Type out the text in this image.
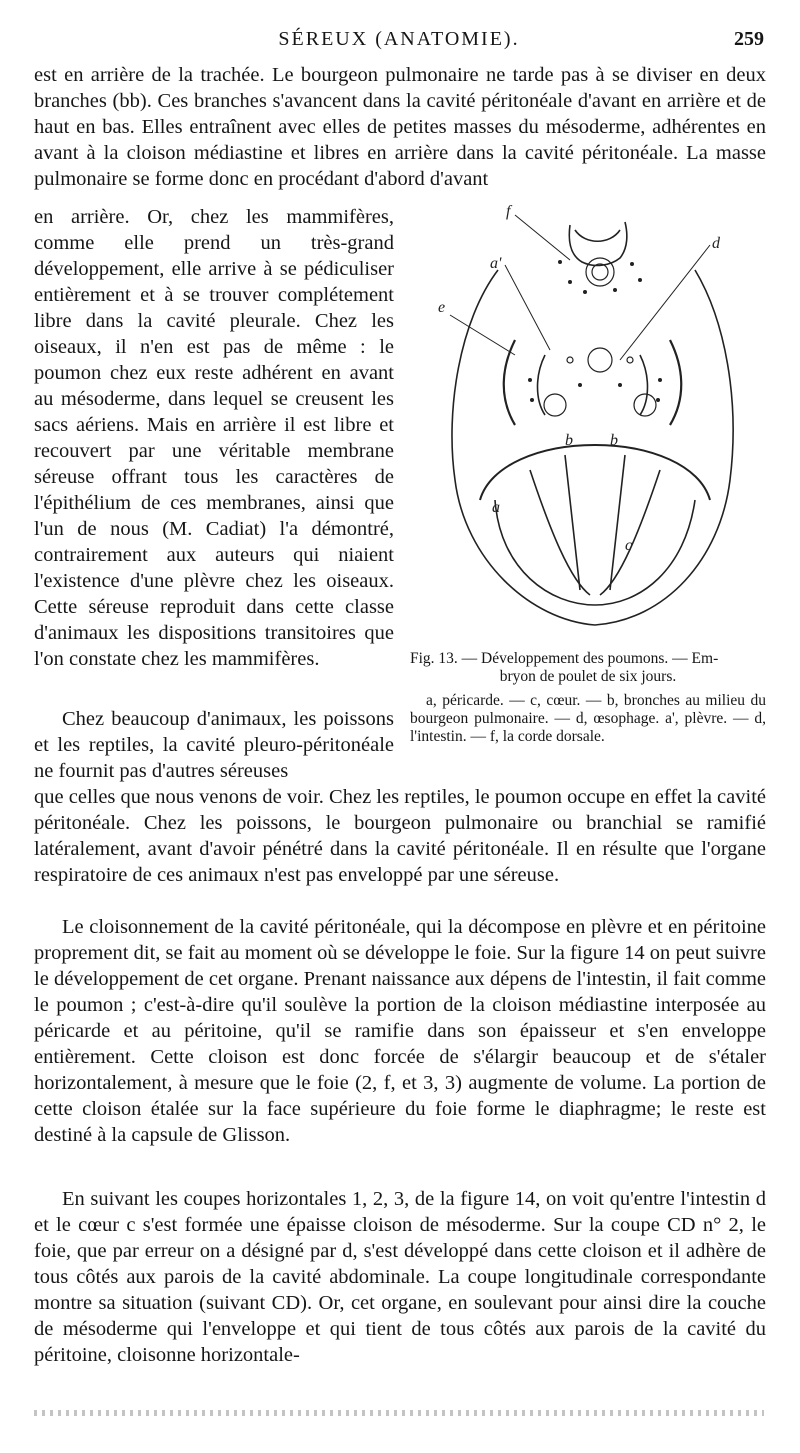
SÉREUX (ANATOMIE).	259

est en arrière de la trachée. Le bourgeon pulmonaire ne tarde pas à se diviser en deux branches (bb). Ces branches s'avancent dans la cavité péritonéale d'avant en arrière et de haut en bas. Elles entraînent avec elles de petites masses du mésoderme, adhérentes en avant à la cloison médiastine et libres en arrière dans la cavité péritonéale. La masse pulmonaire se forme donc en procédant d'abord d'avant

en arrière. Or, chez les mammifères, comme elle prend un très-grand développement, elle arrive à se pédiculiser entièrement et à se trouver complétement libre dans la cavité pleurale. Chez les oiseaux, il n'en est pas de même : le poumon chez eux reste adhérent en avant au mésoderme, dans lequel se creusent les sacs aériens. Mais en arrière il est libre et recouvert par une véritable membrane séreuse offrant tous les caractères de l'épithélium de ces membranes, ainsi que l'un de nous (M. Cadiat) l'a démontré, contrairement aux auteurs qui niaient l'existence d'une plèvre chez les oiseaux. Cette séreuse reproduit dans cette classe d'animaux les dispositions transitoires que l'on constate chez les mammifères.

Chez beaucoup d'animaux, les poissons et les reptiles, la cavité pleuro-péritonéale ne fournit pas d'autres séreuses

f
a'
d
e
b b
a
c

Fig. 13. — Développement des poumons. — Em-

bryon de poulet de six jours.

a, péricarde. — c, cœur. — b, bronches au milieu du bourgeon pulmonaire. — d, œsophage. a', plèvre. — d, l'intestin. — f, la corde dorsale.

que celles que nous venons de voir. Chez les reptiles, le poumon occupe en effet la cavité péritonéale. Chez les poissons, le bourgeon pulmonaire ou branchial se ramifié latéralement, avant d'avoir pénétré dans la cavité péritonéale. Il en résulte que l'organe respiratoire de ces animaux n'est pas enveloppé par une séreuse.

Le cloisonnement de la cavité péritonéale, qui la décompose en plèvre et en péritoine proprement dit, se fait au moment où se développe le foie. Sur la figure 14 on peut suivre le développement de cet organe. Prenant naissance aux dépens de l'intestin, il fait comme le poumon ; c'est-à-dire qu'il soulève la portion de la cloison médiastine interposée au péricarde et au péritoine, qu'il se ramifie dans son épaisseur et s'en enveloppe entièrement. Cette cloison est donc forcée de s'élargir beaucoup et de s'étaler horizontalement, à mesure que le foie (2, f, et 3, 3) augmente de volume. La portion de cette cloison étalée sur la face supérieure du foie forme le diaphragme; le reste est destiné à la capsule de Glisson.

En suivant les coupes horizontales 1, 2, 3, de la figure 14, on voit qu'entre l'intestin d et le cœur c s'est formée une épaisse cloison de mésoderme. Sur la coupe CD n° 2, le foie, que par erreur on a désigné par d, s'est développé dans cette cloison et il adhère de tous côtés aux parois de la cavité abdominale. La coupe longitudinale correspondante montre sa situation (suivant CD). Or, cet organe, en soulevant pour ainsi dire la couche de mésoderme qui l'enveloppe et qui tient de tous côtés aux parois de la cavité du péritoine, cloisonne horizontale-
